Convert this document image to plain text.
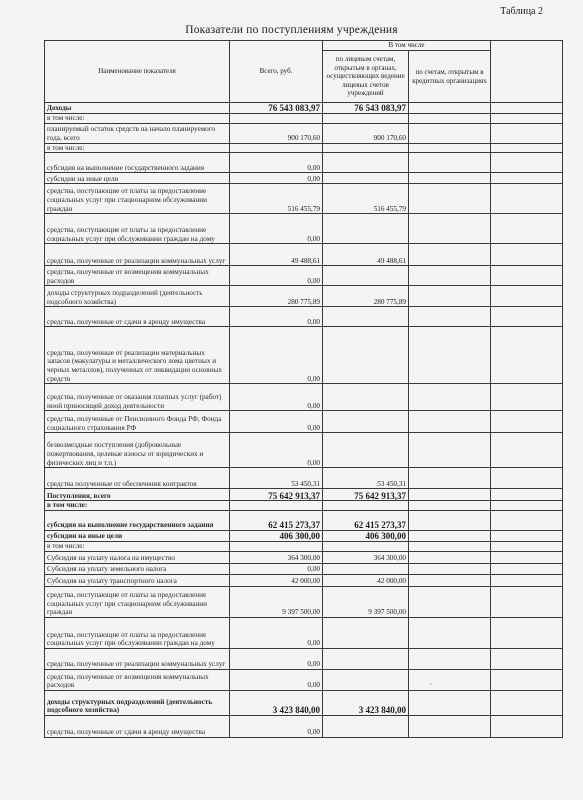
Таблица 2
Показатели по поступлениям учреждения
Наименование показателя	Всего, руб.	В том числе		
		по лицевым счетам, открытым в органах, осуществляющих ведение лицевых счетов учреждений	по счетам, открытым в кредитных организациях	
Доходы	76 543 083,97	76 543 083,97		
в том числе:				
планируемый остаток средств на начало планируемого года, всего	900 170,60	900 170,60		
в том числе:				
субсидия на выполнение государственного задания	0,00			
субсидии на иные цели	0,00			
средства, поступающие от платы за предоставление социальных услуг при стационарном обслуживании граждан	516 455,79	516 455,79		
средства, поступающие от платы за предоставление социальных услуг при обслуживании граждан на дому	0,00			
средства, полученные от реализации коммунальных услуг	49 488,61	49 488,61		
средства, полученные от возмещения коммунальных расходов	0,00			
доходы структурных подразделений (деятельность подсобного хозяйства)	280 775,89	280 775,89		
средства, полученные от сдачи в аренду имущества	0,00			
средства, полученные от реализации материальных запасов (макулатуры и металлического лома цветных и черных металлов), полученных от ликвидации основных средств	0,00			
средства, полученные от оказания платных услуг (работ) иной приносящей доход деятельности	0,00			
средства, полученные от Пенсионного Фонда РФ, Фонда социального страхования РФ	0,00			
безвозмездные поступления (добровольные пожертвования, целевые взносы от юридических и физических лиц и т.п.)	0,00			
средства полученные от обеспечения контрактов	53 450,31	53 450,31		
Поступления, всего	75 642 913,37	75 642 913,37		
в том числе:				
субсидия на выполнение государственного задания	62 415 273,37	62 415 273,37		
субсидии на иные цели	406 300,00	406 300,00		
в том числе:				
Субсидия на уплату налога на имущество	364 300,00	364 300,00		
Субсидия на уплату земельного налога	0,00			
Субсидия на уплату транспортного налога	42 000,00	42 000,00		
средства, поступающие от платы за предоставление социальных услуг при стационарном обслуживании граждан	9 397 500,00	9 397 500,00		
средства, поступающие от платы за предоставление социальных услуг при обслуживании граждан на дому	0,00			
средства, полученные от реализации коммунальных услуг	0,00			
средства, полученные от возмещения коммунальных расходов	0,00			
доходы структурных подразделений (деятельность подсобного хозяйства)	3 423 840,00	3 423 840,00		
средства, полученные от сдачи в аренду имущества	0,00			
ʹ
